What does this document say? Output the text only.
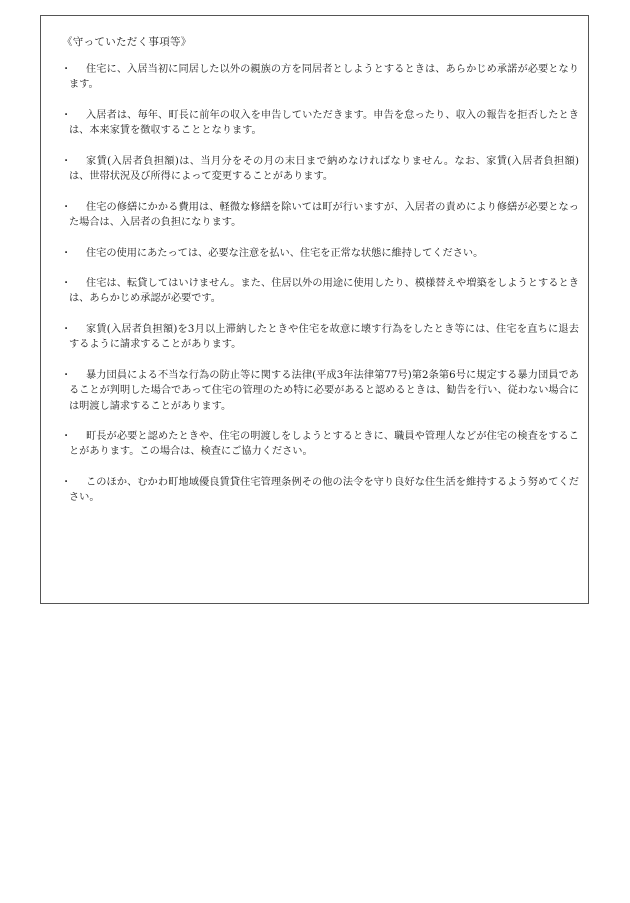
《守っていただく事項等》
・	住宅に、入居当初に同居した以外の親族の方を同居者としようとするときは、あらかじめ承諾が必要となります。
・	入居者は、毎年、町長に前年の収入を申告していただきます。申告を怠ったり、収入の報告を拒否したときは、本来家賃を徴収することとなります。
・	家賃(入居者負担額)は、当月分をその月の末日まで納めなければなりません。なお、家賃(入居者負担額)は、世帯状況及び所得によって変更することがあります。
・	住宅の修繕にかかる費用は、軽微な修繕を除いては町が行いますが、入居者の責めにより修繕が必要となった場合は、入居者の負担になります。
・	住宅の使用にあたっては、必要な注意を払い、住宅を正常な状態に維持してください。
・	住宅は、転貸してはいけません。また、住居以外の用途に使用したり、模様替えや増築をしようとするときは、あらかじめ承認が必要です。
・	家賃(入居者負担額)を3月以上滞納したときや住宅を故意に壊す行為をしたとき等には、住宅を直ちに退去するように請求することがあります。
・	暴力団員による不当な行為の防止等に関する法律(平成3年法律第77号)第2条第6号に規定する暴力団員であることが判明した場合であって住宅の管理のため特に必要があると認めるときは、勧告を行い、従わない場合には明渡し請求することがあります。
・	町長が必要と認めたときや、住宅の明渡しをしようとするときに、職員や管理人などが住宅の検査をすることがあります。この場合は、検査にご協力ください。
・	このほか、むかわ町地域優良賃貸住宅管理条例その他の法令を守り良好な住生活を維持するよう努めてください。
